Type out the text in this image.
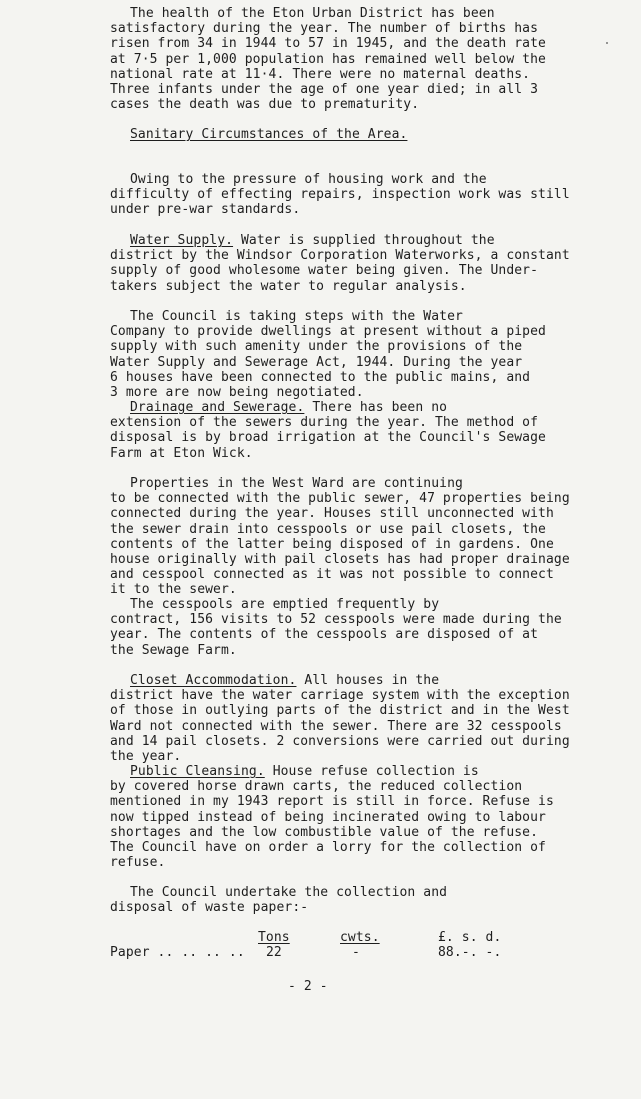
The health of the Eton Urban District has been
satisfactory during the year. The number of births has
risen from 34 in 1944 to 57 in 1945, and the death rate
at 7·5 per 1,000 population has remained well below the
national rate at 11·4. There were no maternal deaths.
Three infants under the age of one year died; in all 3
cases the death was due to prematurity.
Sanitary Circumstances of the Area.
Owing to the pressure of housing work and the
difficulty of effecting repairs, inspection work was still
under pre-war standards.
Water Supply. Water is supplied throughout the
district by the Windsor Corporation Waterworks, a constant
supply of good wholesome water being given. The Under-
takers subject the water to regular analysis.
The Council is taking steps with the Water
Company to provide dwellings at present without a piped
supply with such amenity under the provisions of the
Water Supply and Sewerage Act, 1944. During the year
6 houses have been connected to the public mains, and
3 more are now being negotiated.
Drainage and Sewerage. There has been no
extension of the sewers during the year. The method of
disposal is by broad irrigation at the Council's Sewage
Farm at Eton Wick.
Properties in the West Ward are continuing
to be connected with the public sewer, 47 properties being
connected during the year. Houses still unconnected with
the sewer drain into cesspools or use pail closets, the
contents of the latter being disposed of in gardens. One
house originally with pail closets has had proper drainage
and cesspool connected as it was not possible to connect
it to the sewer.
The cesspools are emptied frequently by
contract, 156 visits to 52 cesspools were made during the
year. The contents of the cesspools are disposed of at
the Sewage Farm.
Closet Accommodation. All houses in the
district have the water carriage system with the exception
of those in outlying parts of the district and in the West
Ward not connected with the sewer. There are 32 cesspools
and 14 pail closets. 2 conversions were carried out during
the year.
Public Cleansing. House refuse collection is
by covered horse drawn carts, the reduced collection
mentioned in my 1943 report is still in force. Refuse is
now tipped instead of being incinerated owing to labour
shortages and the low combustible value of the refuse.
The Council have on order a lorry for the collection of
refuse.
The Council undertake the collection and
disposal of waste paper:-
Tons	cwts.	£. s. d.
Paper .. .. .. .. 22	-	88.-. -.
- 2 -
